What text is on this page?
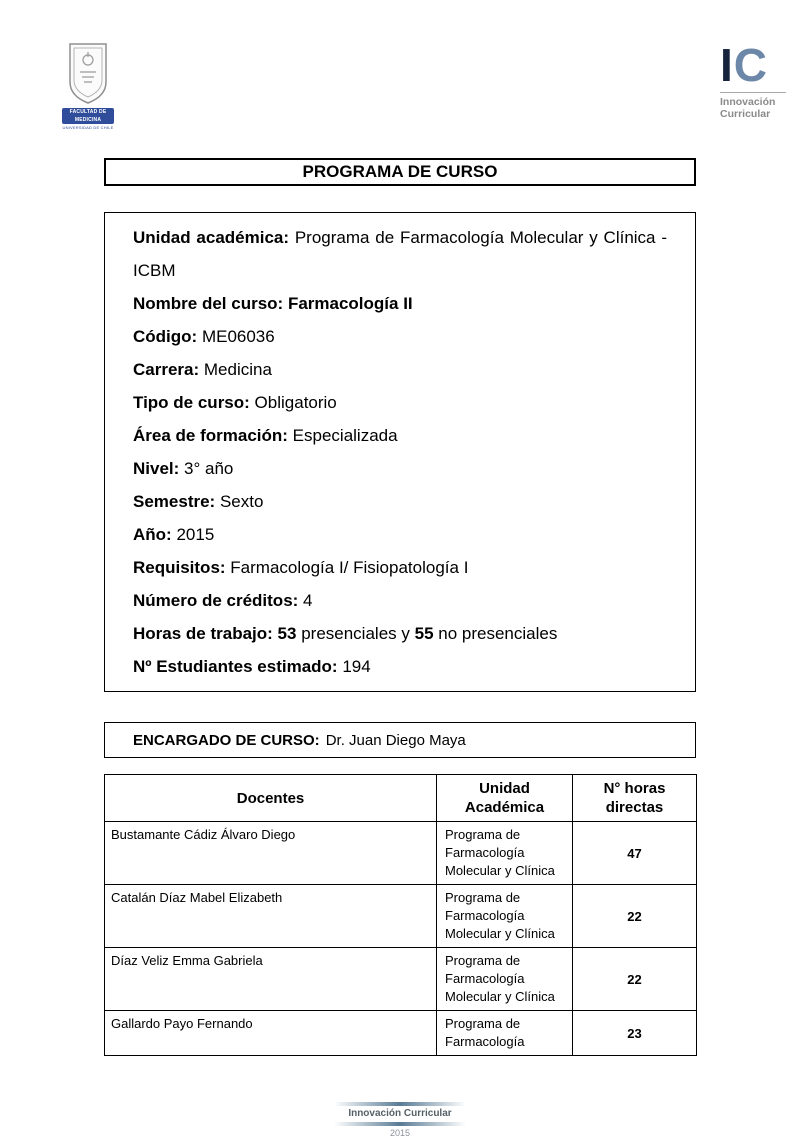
FACULTAD DE MEDICINA
UNIVERSIDAD DE CHILE
IC
Innovación
Curricular
PROGRAMA DE CURSO

Unidad académica: Programa de Farmacología Molecular y Clínica - ICBM

Nombre del curso: Farmacología II

Código: ME06036

Carrera: Medicina

Tipo de curso: Obligatorio

Área de formación: Especializada

Nivel: 3° año

Semestre: Sexto

Año: 2015

Requisitos: Farmacología I/ Fisiopatología I

Número de créditos: 4

Horas de trabajo: 53 presenciales y 55 no presenciales

Nº Estudiantes estimado: 194

ENCARGADO DE CURSO: Dr. Juan Diego Maya
Docentes	Unidad Académica	N° horas directas
Bustamante Cádiz Álvaro Diego	Programa de Farmacología Molecular y Clínica	47
Catalán Díaz Mabel Elizabeth	Programa de Farmacología Molecular y Clínica	22
Díaz Veliz Emma Gabriela	Programa de Farmacología Molecular y Clínica	22
Gallardo Payo Fernando	Programa de Farmacología	23
Innovación Curricular
2015
